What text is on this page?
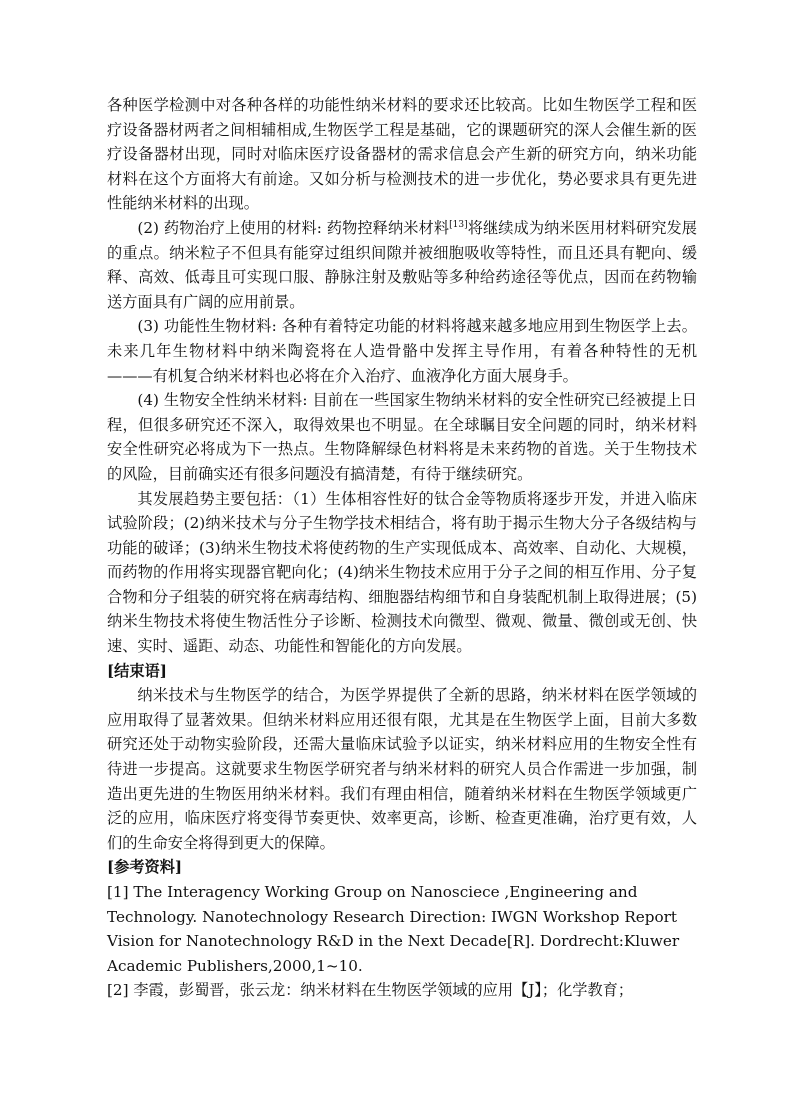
各种医学检测中对各种各样的功能性纳米材料的要求还比较高。比如生物医学工程和医疗设备器材两者之间相辅相成,生物医学工程是基础，它的课题研究的深人会催生新的医疗设备器材出现，同时对临床医疗设备器材的需求信息会产生新的研究方向，纳米功能材料在这个方面将大有前途。又如分析与检测技术的进一步优化，势必要求具有更先进性能纳米材料的出现。

(2) 药物治疗上使用的材料: 药物控释纳米材料[13]将继续成为纳米医用材料研究发展的重点。纳米粒子不但具有能穿过组织间隙并被细胞吸收等特性，而且还具有靶向、缓释、高效、低毒且可实现口服、静脉注射及敷贴等多种给药途径等优点，因而在药物输送方面具有广阔的应用前景。

(3) 功能性生物材料: 各种有着特定功能的材料将越来越多地应用到生物医学上去。未来几年生物材料中纳米陶瓷将在人造骨骼中发挥主导作用，有着各种特性的无机———有机复合纳米材料也必将在介入治疗、血液净化方面大展身手。

(4) 生物安全性纳米材料: 目前在一些国家生物纳米材料的安全性研究已经被提上日程，但很多研究还不深入，取得效果也不明显。在全球瞩目安全问题的同时，纳米材料安全性研究必将成为下一热点。生物降解绿色材料将是未来药物的首选。关于生物技术的风险，目前确实还有很多问题没有搞清楚，有待于继续研究。

其发展趋势主要包括：（1）生体相容性好的钛合金等物质将逐步开发，并进入临床试验阶段；(2)纳米技术与分子生物学技术相结合，将有助于揭示生物大分子各级结构与功能的破译；(3)纳米生物技术将使药物的生产实现低成本、高效率、自动化、大规模，而药物的作用将实现器官靶向化；(4)纳米生物技术应用于分子之间的相互作用、分子复合物和分子组装的研究将在病毒结构、细胞器结构细节和自身装配机制上取得进展；(5)纳米生物技术将使生物活性分子诊断、检测技术向微型、微观、微量、微创或无创、快速、实时、遥距、动态、功能性和智能化的方向发展。

[结束语]

纳米技术与生物医学的结合，为医学界提供了全新的思路，纳米材料在医学领域的应用取得了显著效果。但纳米材料应用还很有限，尤其是在生物医学上面，目前大多数研究还处于动物实验阶段，还需大量临床试验予以证实，纳米材料应用的生物安全性有待进一步提高。这就要求生物医学研究者与纳米材料的研究人员合作需进一步加强，制造出更先进的生物医用纳米材料。我们有理由相信，随着纳米材料在生物医学领域更广泛的应用，临床医疗将变得节奏更快、效率更高，诊断、检查更准确，治疗更有效，人们的生命安全将得到更大的保障。

[参考资料]

[1] The Interagency Working Group on Nanosciece ,Engineering and Technology. Nanotechnology Research Direction: IWGN Workshop Report Vision for Nanotechnology R&D in the Next Decade[R]. Dordrecht:Kluwer Academic Publishers,2000,1~10.

[2] 李霞，彭蜀晋，张云龙：纳米材料在生物医学领域的应用【J】；化学教育；
